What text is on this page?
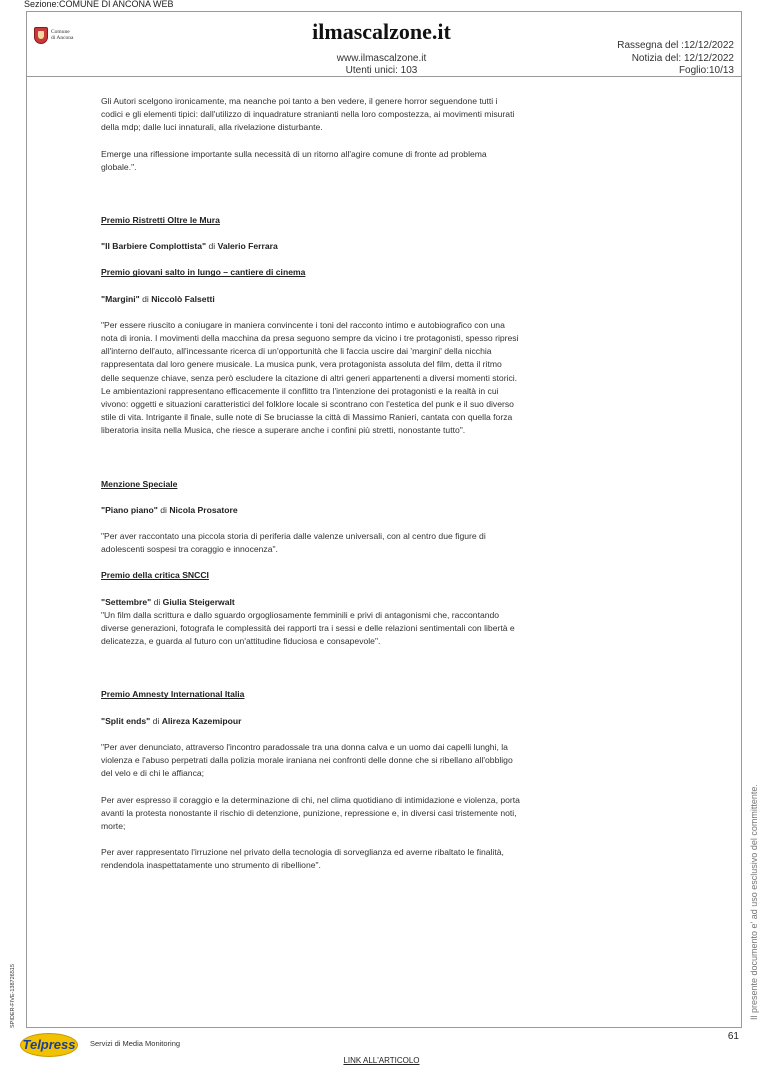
Sezione:COMUNE DI ANCONA WEB
Comune
di Ancona	ilmascalzone.it
www.ilmascalzone.it
Utenti unici: 103
Rassegna del :12/12/2022
Notizia del: 12/12/2022
Foglio:10/13

Gli Autori scelgono ironicamente, ma neanche poi tanto a ben vedere, il genere horror seguendone tutti i codici e gli elementi tipici: dall'utilizzo di inquadrature stranianti nella loro compostezza, ai movimenti misurati della mdp; dalle luci innaturali, alla rivelazione disturbante.

Emerge una riflessione importante sulla necessità di un ritorno all'agire comune di fronte ad problema globale.".

Premio Ristretti Oltre le Mura

"Il Barbiere Complottista" di Valerio Ferrara

Premio giovani salto in lungo – cantiere di cinema

"Margini" di Niccolò Falsetti

"Per essere riuscito a coniugare in maniera convincente i toni del racconto intimo e autobiografico con una nota di ironia. I movimenti della macchina da presa seguono sempre da vicino i tre protagonisti, spesso ripresi all'interno dell'auto, all'incessante ricerca di un'opportunità che li faccia uscire dai 'margini' della nicchia rappresentata dal loro genere musicale. La musica punk, vera protagonista assoluta del film, detta il ritmo delle sequenze chiave, senza però escludere la citazione di altri generi appartenenti a diversi momenti storici. Le ambientazioni rappresentano efficacemente il conflitto tra l'intenzione dei protagonisti e la realtà in cui vivono: oggetti e situazioni caratteristici del folklore locale si scontrano con l'estetica del punk e il suo diverso stile di vita. Intrigante il finale, sulle note di Se bruciasse la città di Massimo Ranieri, cantata con quella forza liberatoria insita nella Musica, che riesce a superare anche i confini più stretti, nonostante tutto".

Menzione Speciale

"Piano piano" di Nicola Prosatore

"Per aver raccontato una piccola storia di periferia dalle valenze universali, con al centro due figure di adolescenti sospesi tra coraggio e innocenza".

Premio della critica SNCCI

"Settembre" di Giulia Steigerwalt

"Un film dalla scrittura e dallo sguardo orgogliosamente femminili e privi di antagonismi che, raccontando diverse generazioni, fotografa le complessità dei rapporti tra i sessi e delle relazioni sentimentali con libertà e delicatezza, e guarda al futuro con un'attitudine fiduciosa e consapevole".

Premio Amnesty International Italia

"Split ends" di Alireza Kazemipour

"Per aver denunciato, attraverso l'incontro paradossale tra una donna calva e un uomo dai capelli lunghi, la violenza e l'abuso perpetrati dalla polizia morale iraniana nei confronti delle donne che si ribellano all'obbligo del velo e di chi le affianca;

Per aver espresso il coraggio e la determinazione di chi, nel clima quotidiano di intimidazione e violenza, porta avanti la protesta nonostante il rischio di detenzione, punizione, repressione e, in diversi casi tristemente noti, morte;

Per aver rappresentato l'irruzione nel privato della tecnologia di sorveglianza ed averne ribaltato le finalità, rendendola inaspettatamente uno strumento di ribellione".	Il presente documento e' ad uso esclusivo del committente.
SPIDER-FIVE-138726515
61
Telpress	Servizi di Media Monitoring
LINK ALL'ARTICOLO
